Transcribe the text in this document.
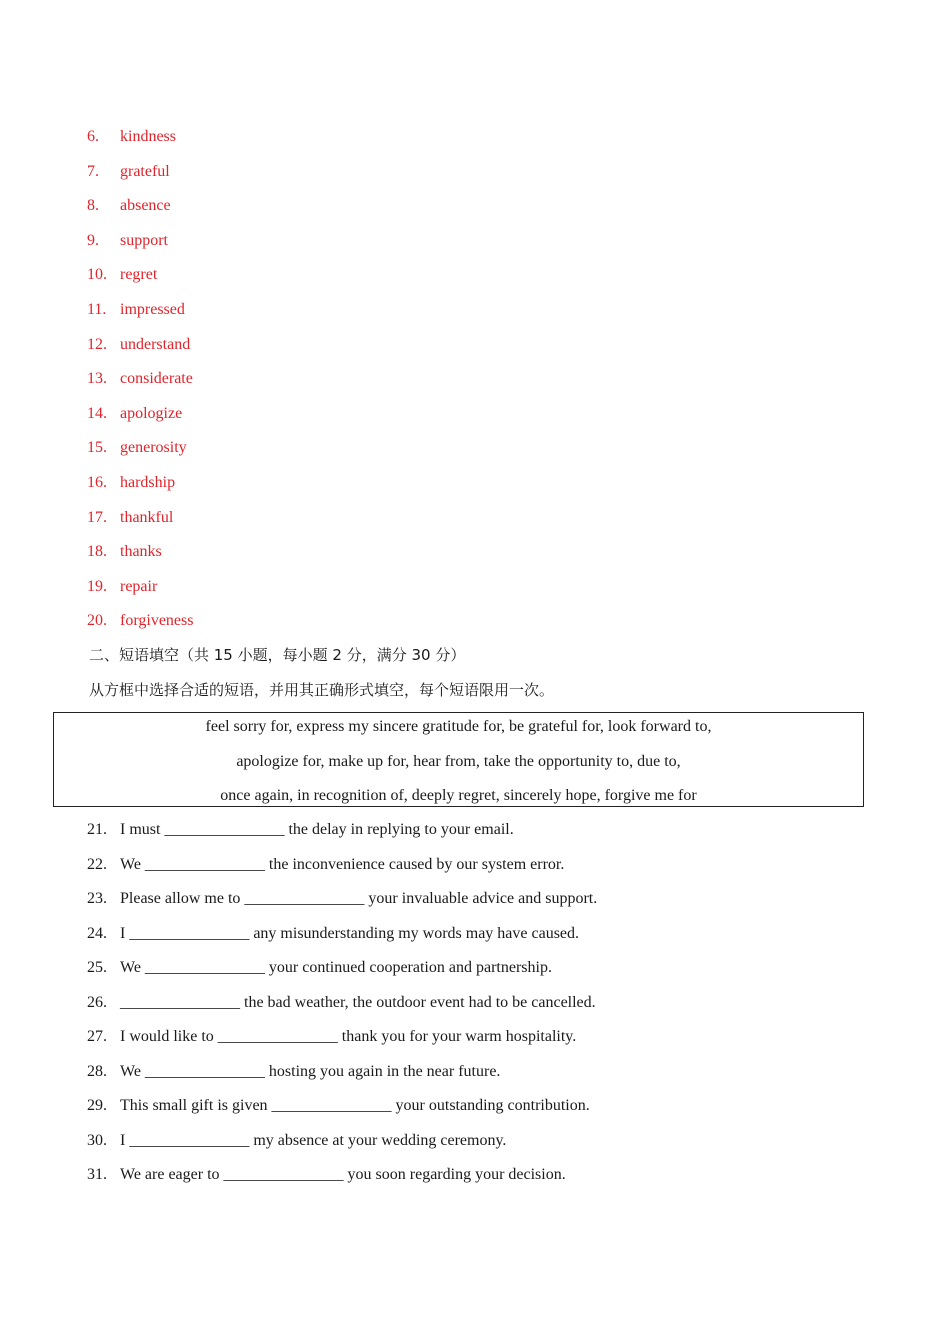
6. kindness
7. grateful
8. absence
9. support
10. regret
11. impressed
12. understand
13. considerate
14. apologize
15. generosity
16. hardship
17. thankful
18. thanks
19. repair
20. forgiveness
二、短语填空（共 15 小题，每小题 2 分，满分 30 分）
从方框中选择合适的短语，并用其正确形式填空，每个短语限用一次。
feel sorry for, express my sincere gratitude for, be grateful for, look forward to,
apologize for, make up for, hear from, take the opportunity to, due to,
once again, in recognition of, deeply regret, sincerely hope, forgive me for
21. I must _______________ the delay in replying to your email.
22. We _______________ the inconvenience caused by our system error.
23. Please allow me to _______________ your invaluable advice and support.
24. I _______________ any misunderstanding my words may have caused.
25. We _______________ your continued cooperation and partnership.
26. _______________ the bad weather, the outdoor event had to be cancelled.
27. I would like to _______________ thank you for your warm hospitality.
28. We _______________ hosting you again in the near future.
29. This small gift is given _______________ your outstanding contribution.
30. I _______________ my absence at your wedding ceremony.
31. We are eager to _______________ you soon regarding your decision.
